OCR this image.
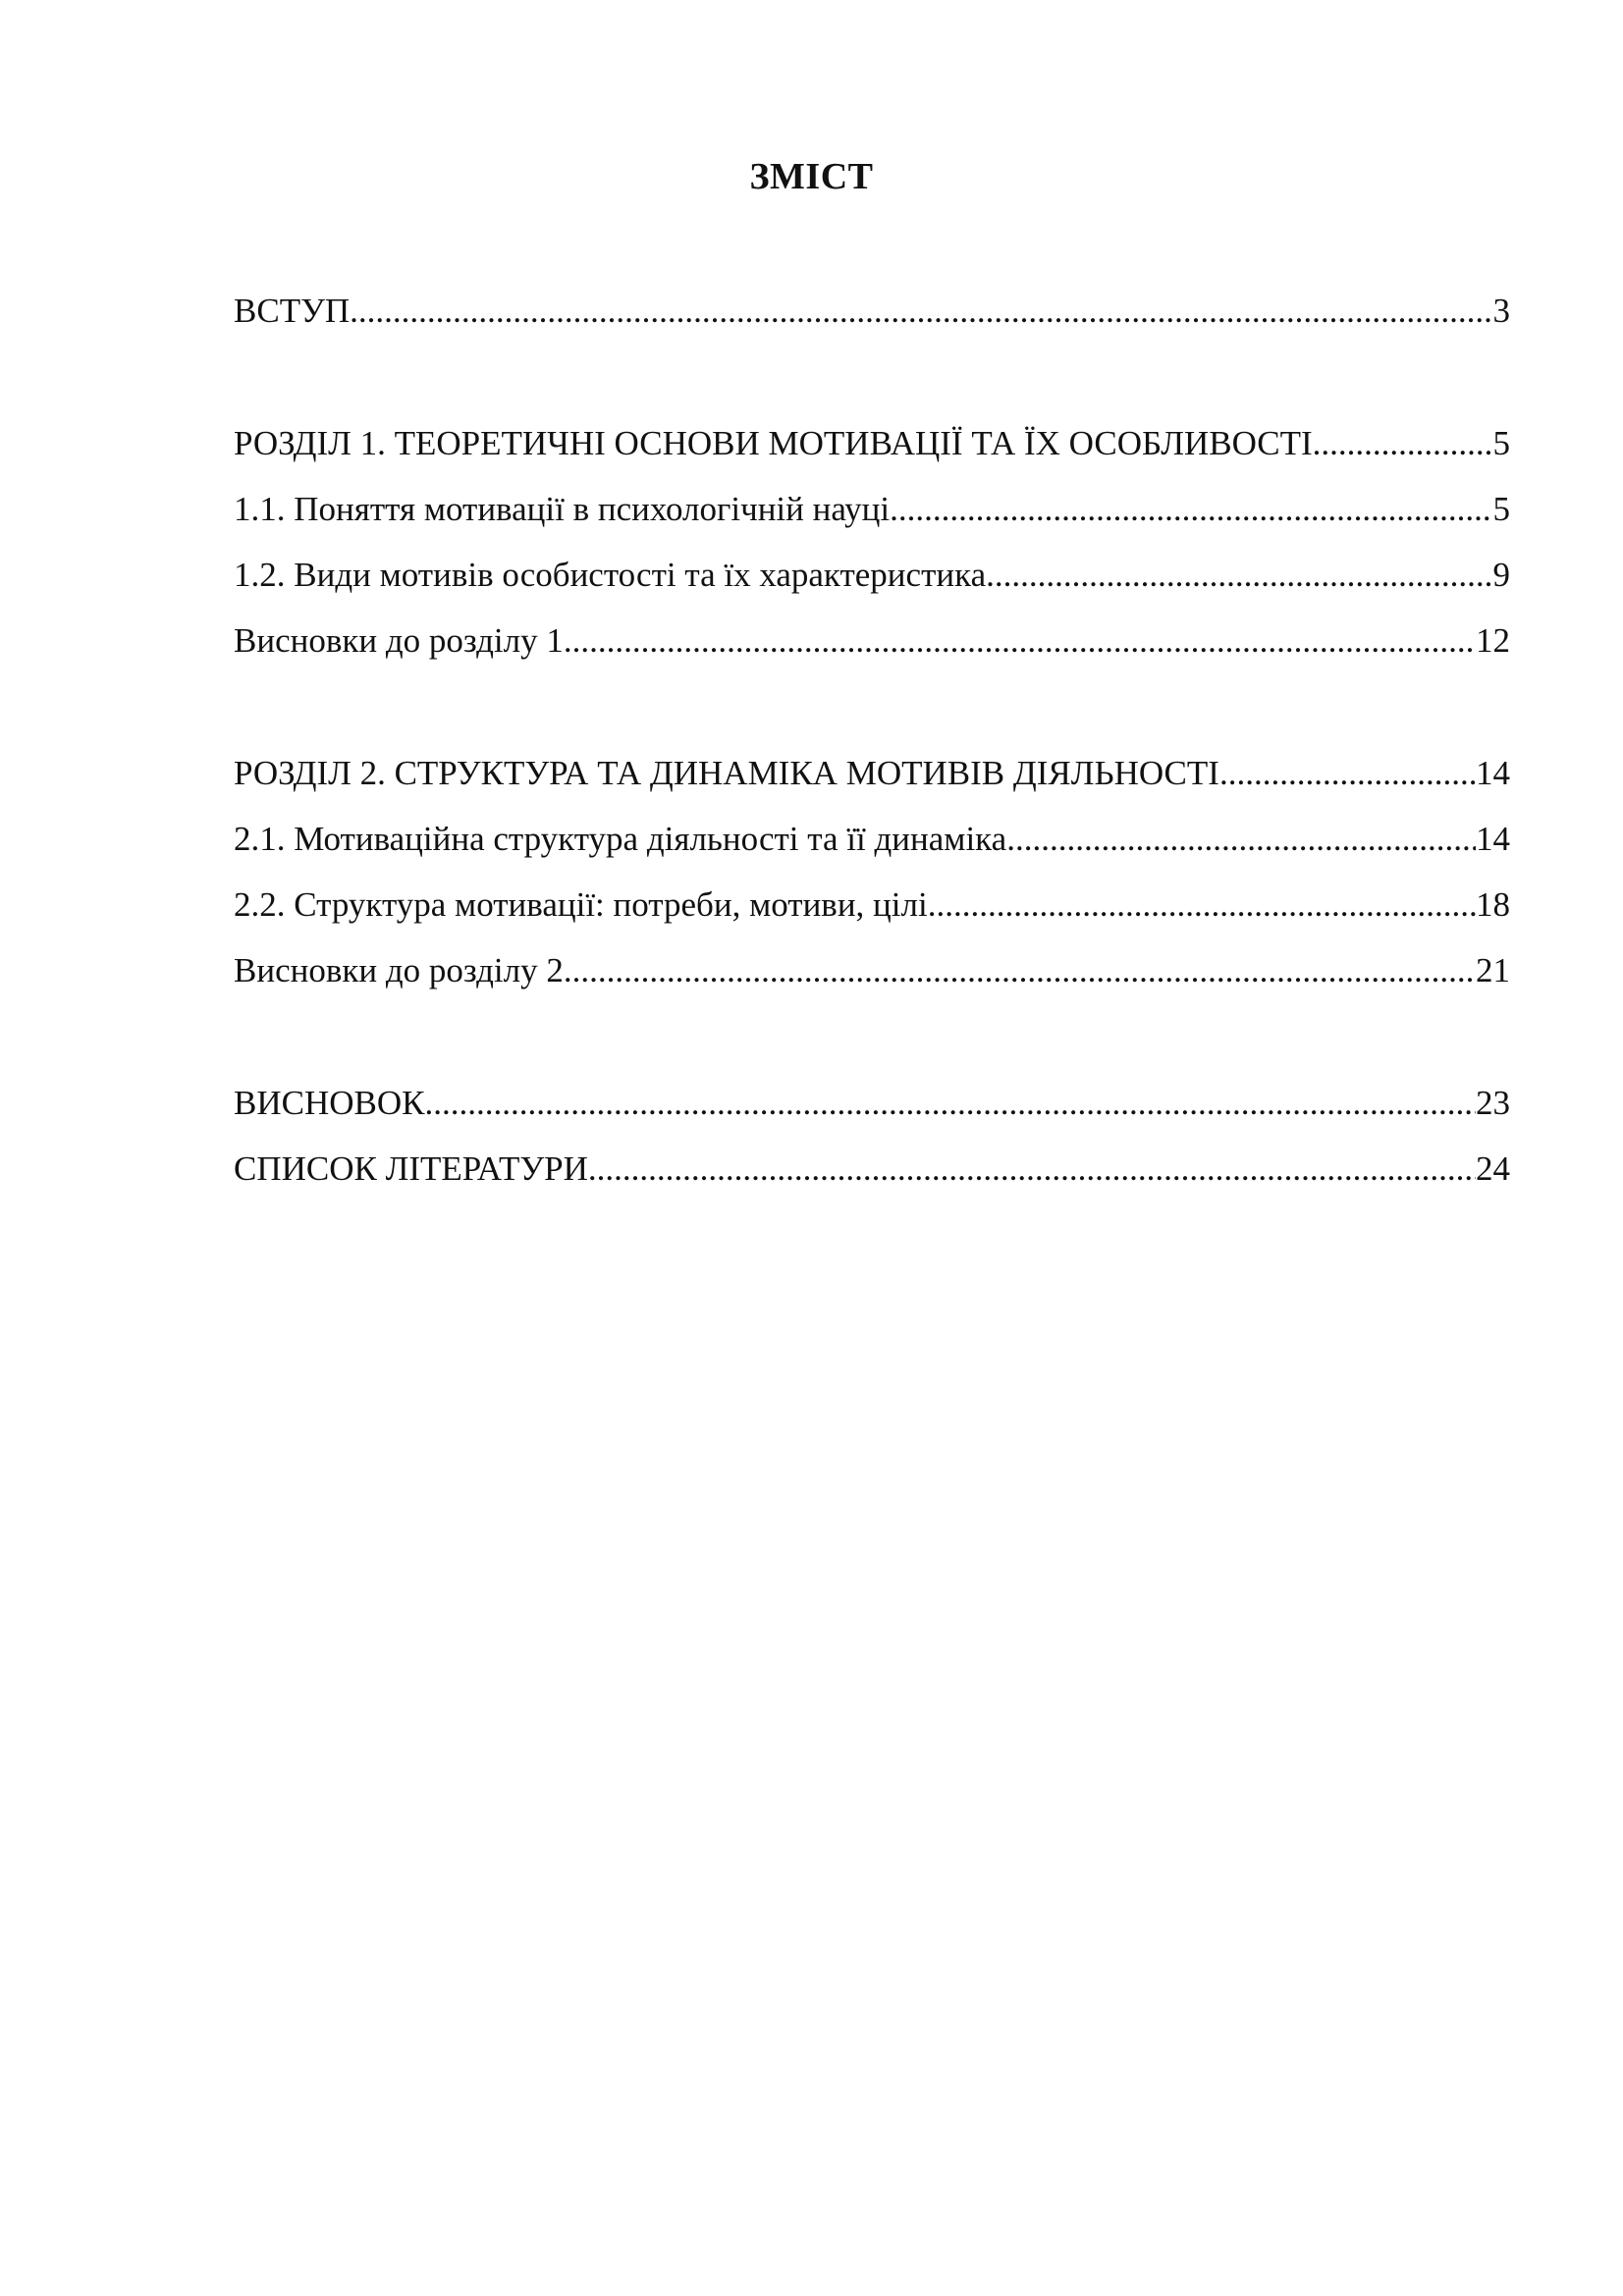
ЗМІСТ
ВСТУП .....	3
РОЗДІЛ 1. ТЕОРЕТИЧНІ ОСНОВИ МОТИВАЦІЇ ТА ЇХ ОСОБЛИВОСТІ .....	5
1.1. Поняття мотивації в психологічній науці .....	5
1.2. Види мотивів особистості та їх характеристика .....	9
Висновки до розділу 1 .....	12
РОЗДІЛ 2. СТРУКТУРА ТА ДИНАМІКА МОТИВІВ ДІЯЛЬНОСТІ .....	14
2.1. Мотиваційна структура діяльності та її динаміка .....	14
2.2. Структура мотивації: потреби, мотиви, цілі .....	18
Висновки до розділу 2 .....	21
ВИСНОВОК .....	23
СПИСОК ЛІТЕРАТУРИ .....	24
